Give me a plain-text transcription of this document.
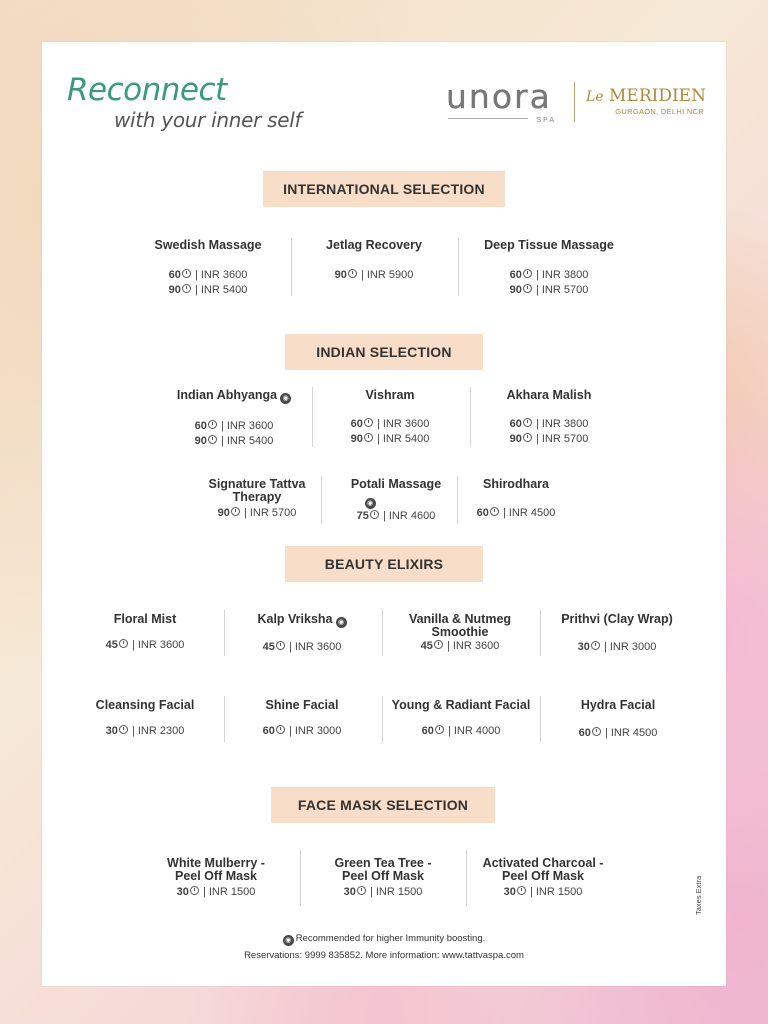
Reconnect
with your inner self
unora
SPA
Le MERIDIEN
GURGAON, DELHI NCR
INTERNATIONAL SELECTION
Swedish Massage
60 | INR 3600
90 | INR 5400
Jetlag Recovery
90 | INR 5900
Deep Tissue Massage
60 | INR 3800
90 | INR 5700
INDIAN SELECTION
Indian Abhyanga ◉
60 | INR 3600
90 | INR 5400
Vishram
60 | INR 3600
90 | INR 5400
Akhara Malish
60 | INR 3800
90 | INR 5700
Signature Tattva Therapy
90 | INR 5700
Potali Massage
◉
75 | INR 4600
Shirodhara
60 | INR 4500
BEAUTY ELIXIRS
Floral Mist
45 | INR 3600
Kalp Vriksha ◉
45 | INR 3600
Vanilla & Nutmeg Smoothie
45 | INR 3600
Prithvi (Clay Wrap)
30 | INR 3000
Cleansing Facial
30 | INR 2300
Shine Facial
60 | INR 3000
Young & Radiant Facial
60 | INR 4000
Hydra Facial
60 | INR 4500
FACE MASK SELECTION
White Mulberry -Peel Off Mask
30 | INR 1500
Green Tea Tree -Peel Off Mask
30 | INR 1500
Activated Charcoal -Peel Off Mask
30 | INR 1500
◉ Recommended for higher Immunity boosting.
Reservations: 9999 835852. More information: www.tattvaspa.com
Taxes Extra
